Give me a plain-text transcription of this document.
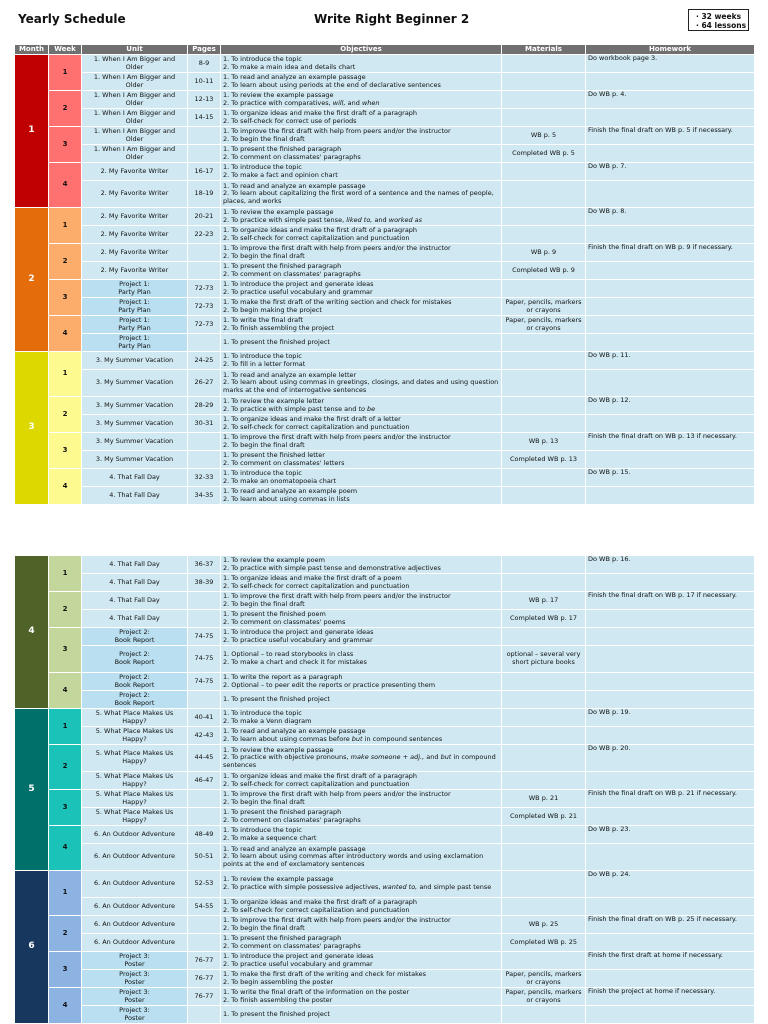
Yearly Schedule	Write Right Beginner 2	· 32 weeks
· 64 lessons
Month	Week	Unit	Pages	Objectives	Materials	Homework
1	1	1. When I Am Bigger and Older	8-9	1. To introduce the topic
2. To make a main idea and details chart		Do workbook page 3.
		1. When I Am Bigger and Older	10-11	1. To read and analyze an example passage
2. To learn about using periods at the end of declarative sentences		
	2	1. When I Am Bigger and Older	12-13	1. To review the example passage
2. To practice with comparatives, will, and when		Do WB p. 4.
		1. When I Am Bigger and Older	14-15	1. To organize ideas and make the first draft of a paragraph
2. To self-check for correct use of periods		
	3	1. When I Am Bigger and Older		1. To improve the first draft with help from peers and/or the instructor
2. To begin the final draft	WB p. 5	Finish the final draft on WB p. 5 if necessary.
		1. When I Am Bigger and Older		1. To present the finished paragraph
2. To comment on classmates' paragraphs	Completed WB p. 5	
	4	2. My Favorite Writer	16-17	1. To introduce the topic
2. To make a fact and opinion chart		Do WB p. 7.
		2. My Favorite Writer	18-19	1. To read and analyze an example passage
2. To learn about capitalizing the first word of a sentence and the names of people, places, and works		
2	1	2. My Favorite Writer	20-21	1. To review the example passage
2. To practice with simple past tense, liked to, and worked as		Do WB p. 8.
		2. My Favorite Writer	22-23	1. To organize ideas and make the first draft of a paragraph
2. To self-check for correct capitalization and punctuation		
	2	2. My Favorite Writer		1. To improve the first draft with help from peers and/or the instructor
2. To begin the final draft	WB p. 9	Finish the final draft on WB p. 9 if necessary.
		2. My Favorite Writer		1. To present the finished paragraph
2. To comment on classmates' paragraphs	Completed WB p. 9	
	3	Project 1:
Party Plan	72-73	1. To introduce the project and generate ideas
2. To practice useful vocabulary and grammar		
		Project 1:
Party Plan	72-73	1. To make the first draft of the writing section and check for mistakes
2. To begin making the project	Paper, pencils, markers or crayons	
	4	Project 1:
Party Plan	72-73	1. To write the final draft
2. To finish assembling the project	Paper, pencils, markers or crayons	
		Project 1:
Party Plan		1. To present the finished project		
3	1	3. My Summer Vacation	24-25	1. To introduce the topic
2. To fill in a letter format		Do WB p. 11.
		3. My Summer Vacation	26-27	1. To read and analyze an example letter
2. To learn about using commas in greetings, closings, and dates and using question marks at the end of interrogative sentences		
	2	3. My Summer Vacation	28-29	1. To review the example letter
2. To practice with simple past tense and to be		Do WB p. 12.
		3. My Summer Vacation	30-31	1. To organize ideas and make the first draft of a letter
2. To self-check for correct capitalization and punctuation		
	3	3. My Summer Vacation		1. To improve the first draft with help from peers and/or the instructor
2. To begin the final draft	WB p. 13	Finish the final draft on WB p. 13 if necessary.
		3. My Summer Vacation		1. To present the finished letter
2. To comment on classmates' letters	Completed WB p. 13	
	4	4. That Fall Day	32-33	1. To introduce the topic
2. To make an onomatopoeia chart		Do WB p. 15.
		4. That Fall Day	34-35	1. To read and analyze an example poem
2. To learn about using commas in lists		
4	1	4. That Fall Day	36-37	1. To review the example poem
2. To practice with simple past tense and demonstrative adjectives		Do WB p. 16.
		4. That Fall Day	38-39	1. To organize ideas and make the first draft of a poem
2. To self-check for correct capitalization and punctuation		
	2	4. That Fall Day		1. To improve the first draft with help from peers and/or the instructor
2. To begin the final draft	WB p. 17	Finish the final draft on WB p. 17 if necessary.
		4. That Fall Day		1. To present the finished poem
2. To comment on classmates' poems	Completed WB p. 17	
	3	Project 2:
Book Report	74-75	1. To introduce the project and generate ideas
2. To practice useful vocabulary and grammar		
		Project 2:
Book Report	74-75	1. Optional – to read storybooks in class
2. To make a chart and check it for mistakes	optional – several very short picture books	
	4	Project 2:
Book Report	74-75	1. To write the report as a paragraph
2. Optional – to peer edit the reports or practice presenting them		
		Project 2:
Book Report		1. To present the finished project		
5	1	5. What Place Makes Us Happy?	40-41	1. To introduce the topic
2. To make a Venn diagram		Do WB p. 19.
		5. What Place Makes Us Happy?	42-43	1. To read and analyze an example passage
2. To learn about using commas before but in compound sentences		
	2	5. What Place Makes Us Happy?	44-45	1. To review the example passage
2. To practice with objective pronouns, make someone + adj., and but in compound sentences		Do WB p. 20.
		5. What Place Makes Us Happy?	46-47	1. To organize ideas and make the first draft of a paragraph
2. To self-check for correct capitalization and punctuation		
	3	5. What Place Makes Us Happy?		1. To improve the first draft with help from peers and/or the instructor
2. To begin the final draft	WB p. 21	Finish the final draft on WB p. 21 if necessary.
		5. What Place Makes Us Happy?		1. To present the finished paragraph
2. To comment on classmates' paragraphs	Completed WB p. 21	
	4	6. An Outdoor Adventure	48-49	1. To introduce the topic
2. To make a sequence chart		Do WB p. 23.
		6. An Outdoor Adventure	50-51	1. To read and analyze an example passage
2. To learn about using commas after introductory words and using exclamation points at the end of exclamatory sentences		
6	1	6. An Outdoor Adventure	52-53	1. To review the example passage
2. To practice with simple possessive adjectives, wanted to, and simple past tense		Do WB p. 24.
		6. An Outdoor Adventure	54-55	1. To organize ideas and make the first draft of a paragraph
2. To self-check for correct capitalization and punctuation		
	2	6. An Outdoor Adventure		1. To improve the first draft with help from peers and/or the instructor
2. To begin the final draft	WB p. 25	Finish the final draft on WB p. 25 if necessary.
		6. An Outdoor Adventure		1. To present the finished paragraph
2. To comment on classmates' paragraphs	Completed WB p. 25	
	3	Project 3:
Poster	76-77	1. To introduce the project and generate ideas
2. To practice useful vocabulary and grammar		Finish the first draft at home if necessary.
		Project 3:
Poster	76-77	1. To make the first draft of the writing and check for mistakes
2. To begin assembling the poster	Paper, pencils, markers or crayons	
	4	Project 3:
Poster	76-77	1. To write the final draft of the information on the poster
2. To finish assembling the poster	Paper, pencils, markers or crayons	Finish the project at home if necessary.
		Project 3:
Poster		1. To present the finished project		
